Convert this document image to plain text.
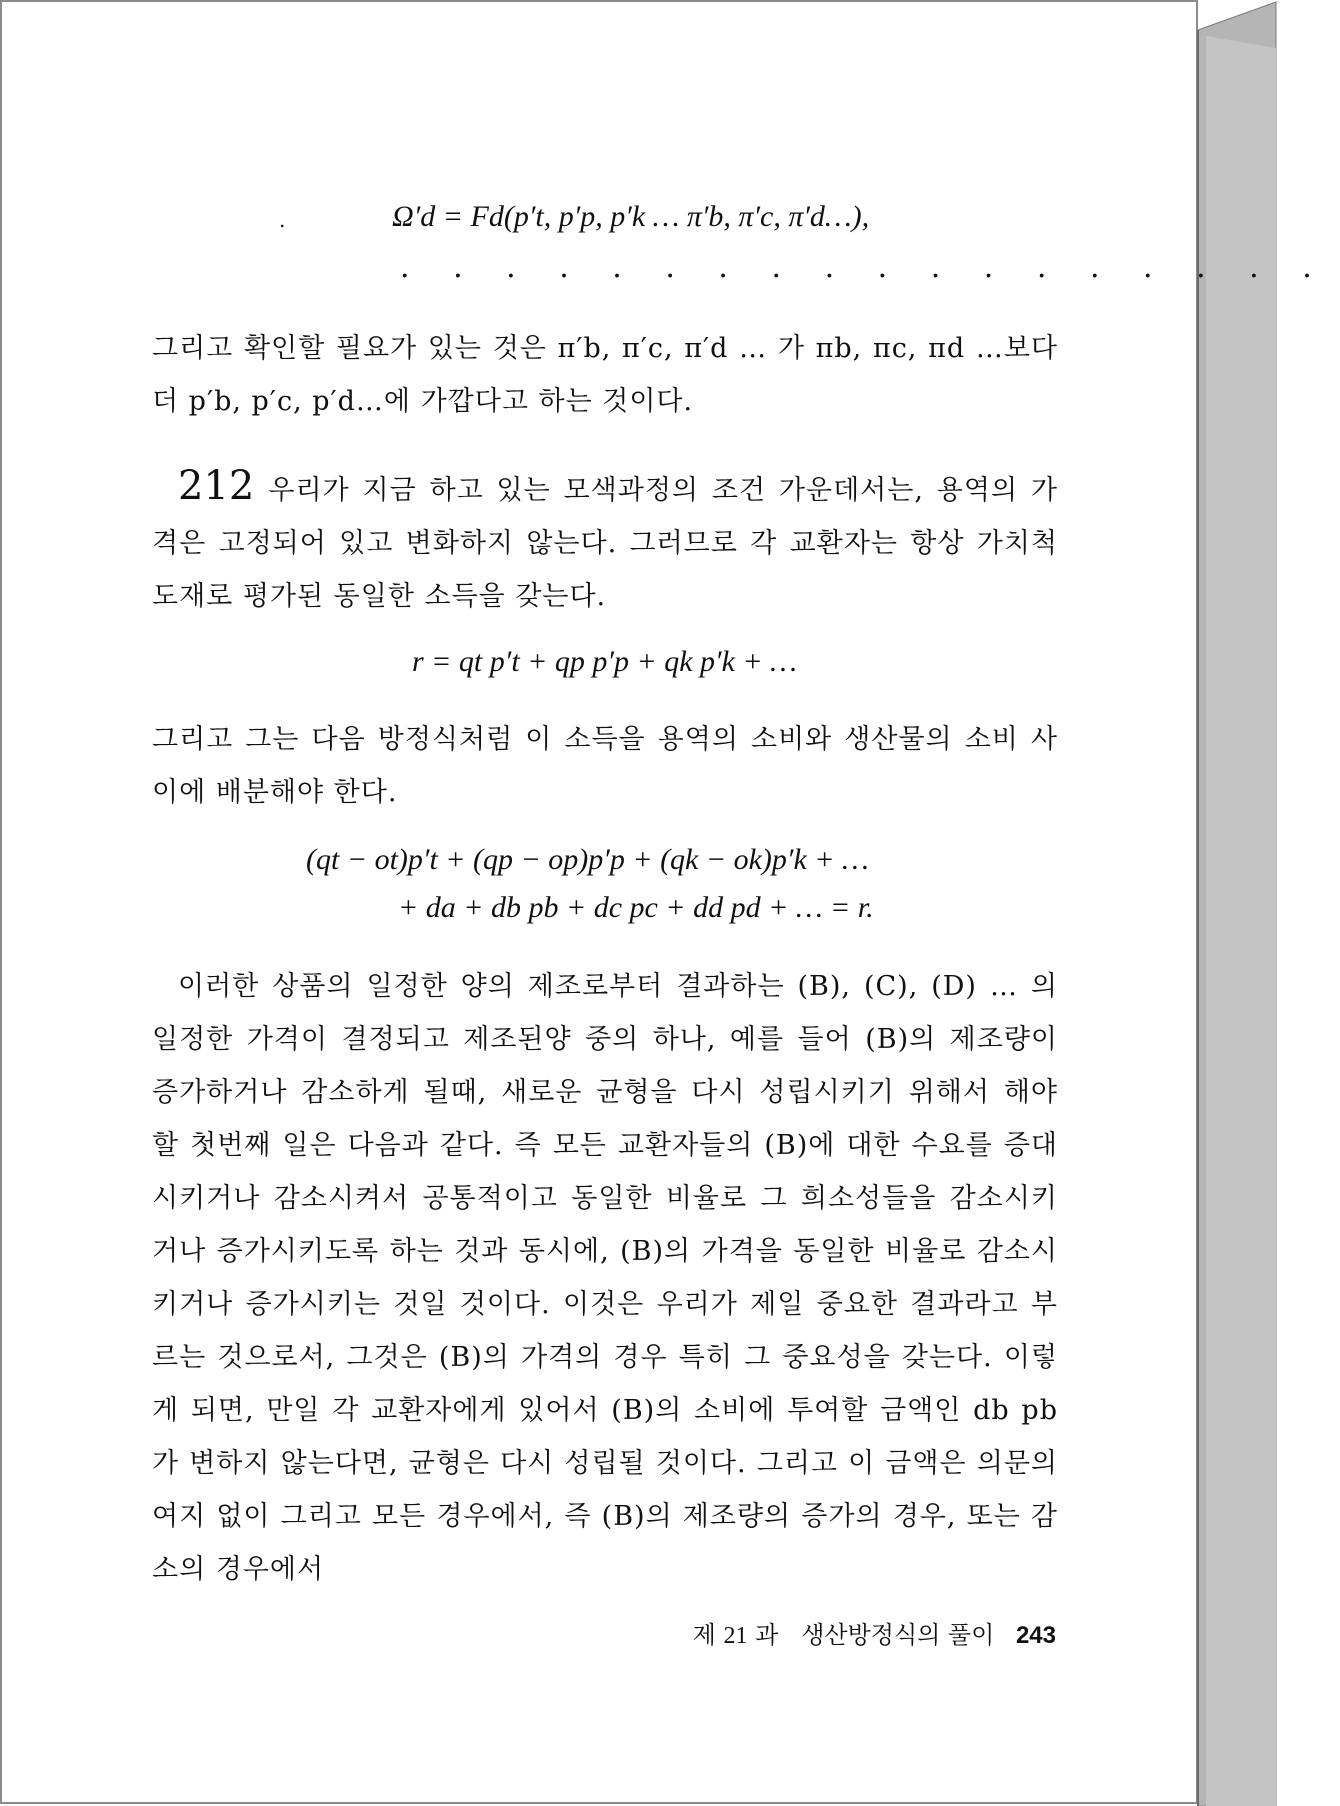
.	Ω′d = Fd(p′t, p′p, p′k … π′b, π′c, π′d…),
. . . . . . . . . . . . . . . . . .
그리고 확인할 필요가 있는 것은 π′b, π′c, π′d … 가 πb, πc, πd …보다 더 p′b, p′c, p′d…에 가깝다고 하는 것이다.
212 우리가 지금 하고 있는 모색과정의 조건 가운데서는, 용역의 가격은 고정되어 있고 변화하지 않는다. 그러므로 각 교환자는 항상 가치척도재로 평가된 동일한 소득을 갖는다.
r = qt p′t + qp p′p + qk p′k + …
그리고 그는 다음 방정식처럼 이 소득을 용역의 소비와 생산물의 소비 사이에 배분해야 한다.
(qt − ot)p′t + (qp − op)p′p + (qk − ok)p′k + …
+ da + db pb + dc pc + dd pd + … = r.
이러한 상품의 일정한 양의 제조로부터 결과하는 (B), (C), (D) … 의 일정한 가격이 결정되고 제조된양 중의 하나, 예를 들어 (B)의 제조량이 증가하거나 감소하게 될때, 새로운 균형을 다시 성립시키기 위해서 해야 할 첫번째 일은 다음과 같다. 즉 모든 교환자들의 (B)에 대한 수요를 증대시키거나 감소시켜서 공통적이고 동일한 비율로 그 희소성들을 감소시키거나 증가시키도록 하는 것과 동시에, (B)의 가격을 동일한 비율로 감소시키거나 증가시키는 것일 것이다. 이것은 우리가 제일 중요한 결과라고 부르는 것으로서, 그것은 (B)의 가격의 경우 특히 그 중요성을 갖는다. 이렇게 되면, 만일 각 교환자에게 있어서 (B)의 소비에 투여할 금액인 db pb가 변하지 않는다면, 균형은 다시 성립될 것이다. 그리고 이 금액은 의문의 여지 없이 그리고 모든 경우에서, 즉 (B)의 제조량의 증가의 경우, 또는 감소의 경우에서
제 21 과 생산방정식의 풀이 243
